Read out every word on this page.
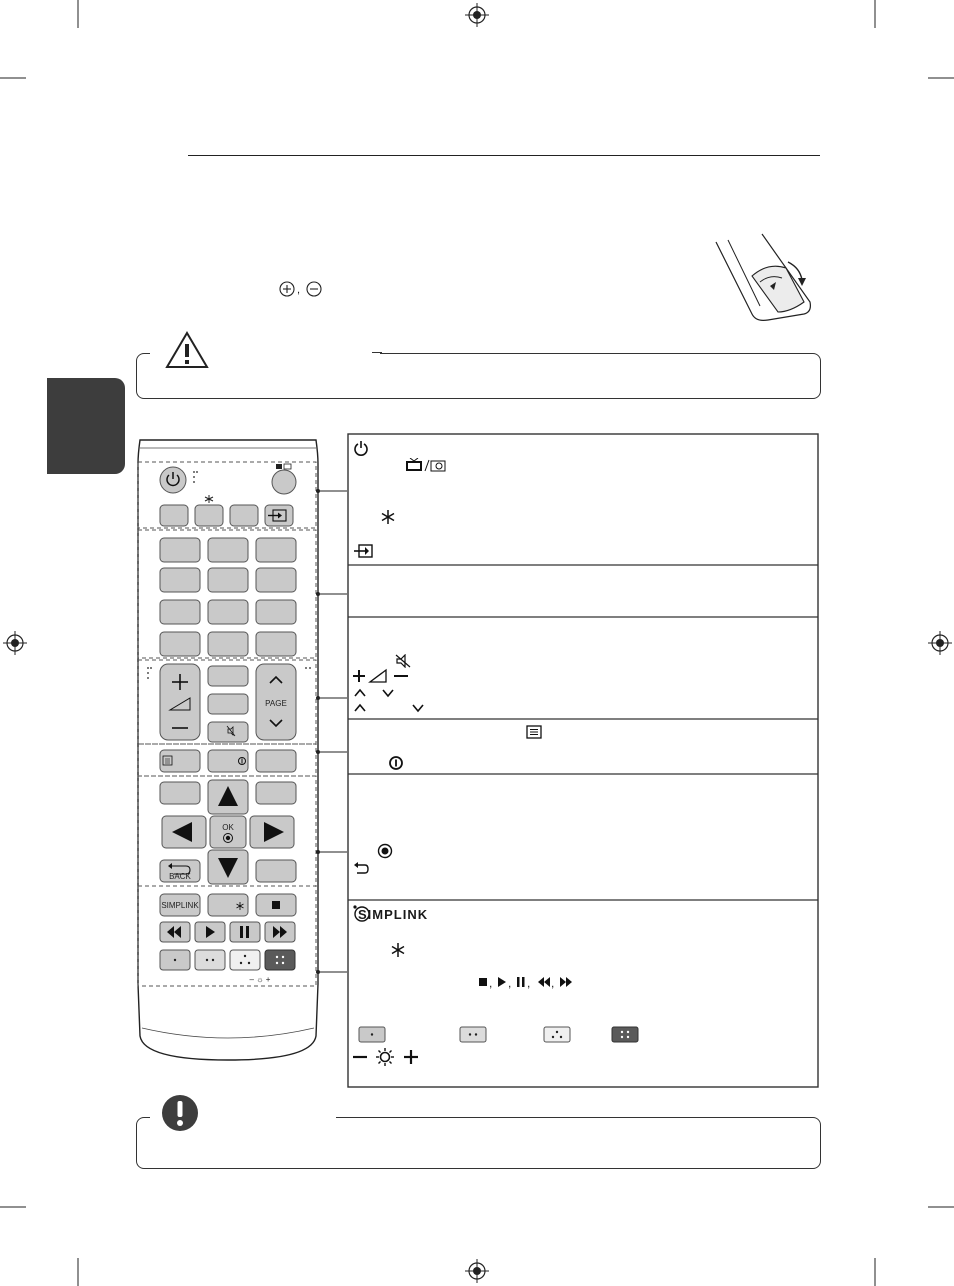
,
SIMPLINK
, , , ,
PAGE
BACK
OK
SIMPLINK
– ☼ +
